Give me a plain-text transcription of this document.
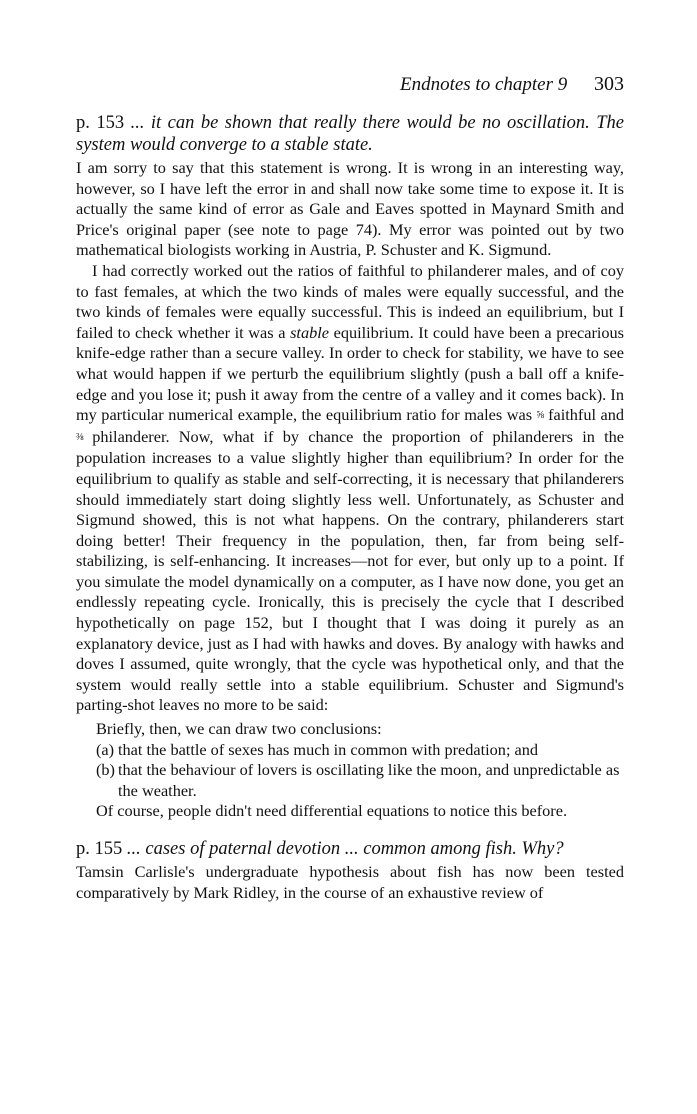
Endnotes to chapter 9 303
p. 153 ... it can be shown that really there would be no oscillation. The system would converge to a stable state.

I am sorry to say that this statement is wrong. It is wrong in an interesting way, however, so I have left the error in and shall now take some time to expose it. It is actually the same kind of error as Gale and Eaves spotted in Maynard Smith and Price's original paper (see note to page 74). My error was pointed out by two mathematical biologists working in Austria, P. Schuster and K. Sigmund.

I had correctly worked out the ratios of faithful to philanderer males, and of coy to fast females, at which the two kinds of males were equally successful, and the two kinds of females were equally successful. This is indeed an equilibrium, but I failed to check whether it was a stable equilibrium. It could have been a precarious knife-edge rather than a secure valley. In order to check for stability, we have to see what would happen if we perturb the equilibrium slightly (push a ball off a knife-edge and you lose it; push it away from the centre of a valley and it comes back). In my particular numerical example, the equilibrium ratio for males was ⅝ faithful and ⅜ philanderer. Now, what if by chance the proportion of philanderers in the population increases to a value slightly higher than equilibrium? In order for the equilibrium to qualify as stable and self-correcting, it is necessary that philanderers should immediately start doing slightly less well. Unfortunately, as Schuster and Sigmund showed, this is not what happens. On the contrary, philanderers start doing better! Their frequency in the population, then, far from being self-stabilizing, is self-enhancing. It increases—not for ever, but only up to a point. If you simulate the model dynamically on a computer, as I have now done, you get an endlessly repeating cycle. Ironically, this is precisely the cycle that I described hypothetically on page 152, but I thought that I was doing it purely as an explanatory device, just as I had with hawks and doves. By analogy with hawks and doves I assumed, quite wrongly, that the cycle was hypothetical only, and that the system would really settle into a stable equilibrium. Schuster and Sigmund's parting-shot leaves no more to be said:

Briefly, then, we can draw two conclusions:

(a) that the battle of sexes has much in common with predation; and
(b) that the behaviour of lovers is oscillating like the moon, and unpredictable as the weather.

Of course, people didn't need differential equations to notice this before.

p. 155 ... cases of paternal devotion ... common among fish. Why?

Tamsin Carlisle's undergraduate hypothesis about fish has now been tested comparatively by Mark Ridley, in the course of an exhaustive review of
